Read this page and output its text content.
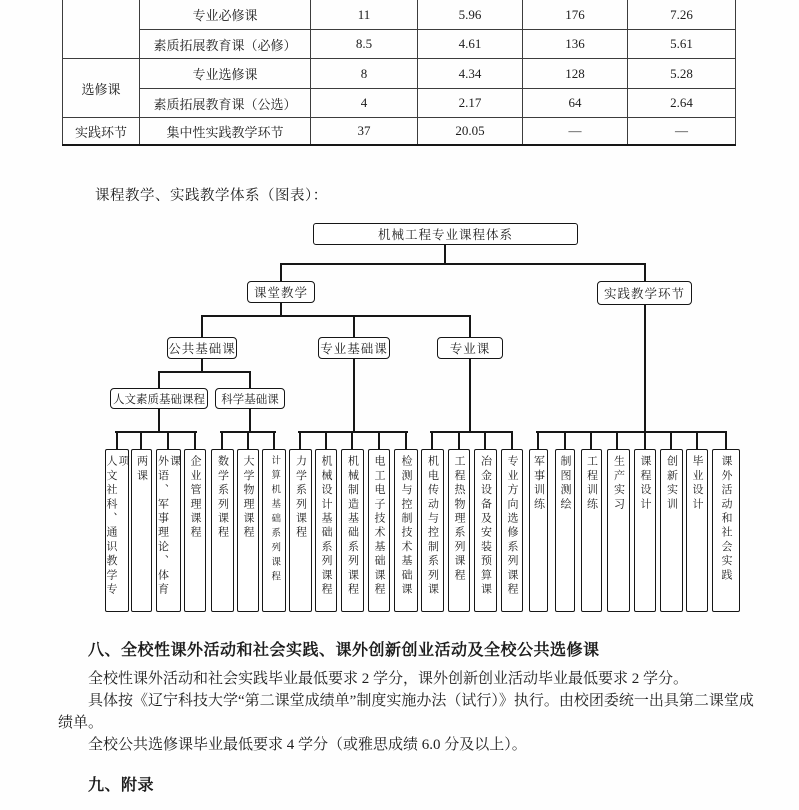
	专业必修课	11	5.96	176	7.26
	素质拓展教育课（必修）	8.5	4.61	136	5.61
选修课	专业选修课	8	4.34	128	5.28
	素质拓展教育课（公选）	4	2.17	64	2.64
实践环节	集中性实践教学环节	37	20.05	—	—
课程教学、实践教学体系（图表）：
机械工程专业课程体系
课堂教学	实践教学环节
公共基础课	专业基础课	专业课
人文素质基础课程	科学基础课
人文社科、通识教学专项 两课 外语、军事理论、体育课 企业管理课程 数学系列课程 大学物理课程 计算机基础系列课程 力学系列课程 机械设计基础系列课程 机械制造基础系列课程 电工电子技术基础课程 检测与控制技术基础课 机电传动与控制系列课 工程热物理系列课程 冶金设备及安装预算课 专业方向选修系列课程 军事训练 制图测绘 工程训练 生产实习 课程设计 创新实训 毕业设计 课外活动和社会实践
八、全校性课外活动和社会实践、课外创新创业活动及全校公共选修课

全校性课外活动和社会实践毕业最低要求 2 学分，课外创新创业活动毕业最低要求 2 学分。

具体按《辽宁科技大学“第二课堂成绩单”制度实施办法（试行）》执行。由校团委统一出具第二课堂成绩单。

全校公共选修课毕业最低要求 4 学分（或雅思成绩 6.0 分及以上）。

九、附录
